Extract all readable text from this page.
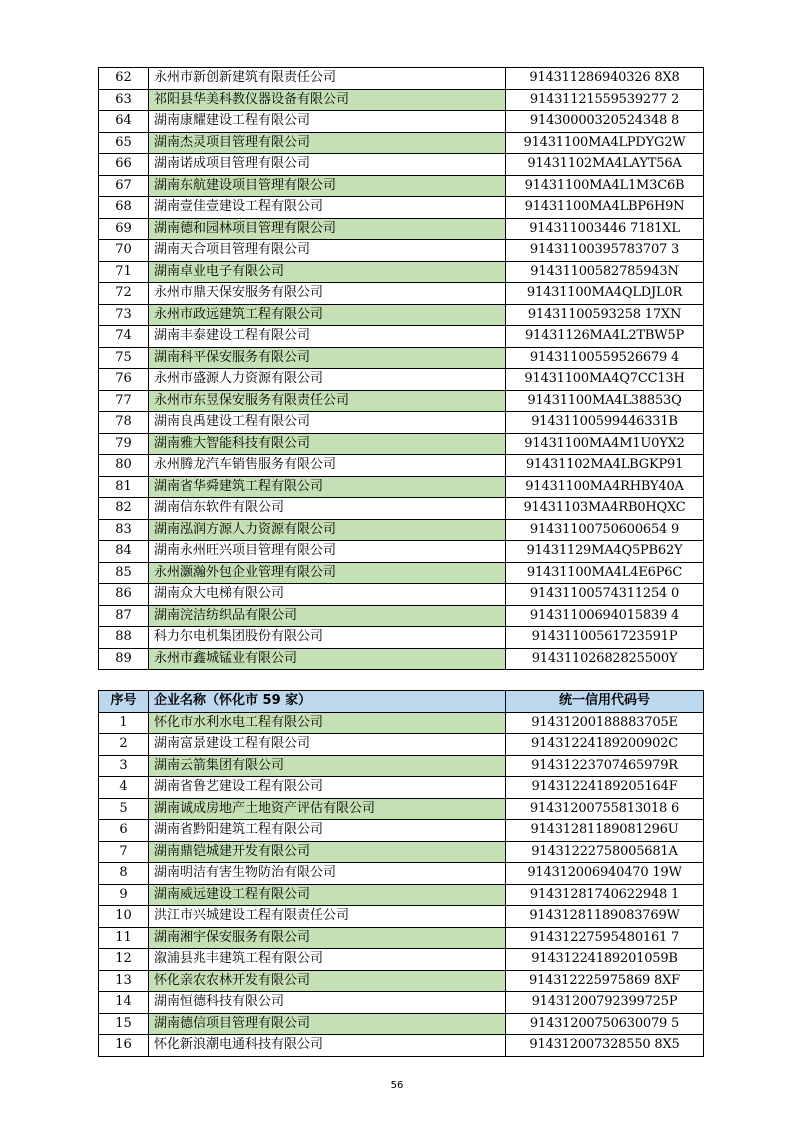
62	永州市新创新建筑有限责任公司	914311286940326 8X8
63	祁阳县华美科教仪器设备有限公司	91431121559539277 2
64	湖南康耀建设工程有限公司	91430000320524348 8
65	湖南杰灵项目管理有限公司	91431100MA4LPDYG2W
66	湖南诺成项目管理有限公司	91431102MA4LAYT56A
67	湖南东航建设项目管理有限公司	91431100MA4L1M3C6B
68	湖南壹佳壹建设工程有限公司	91431100MA4LBP6H9N
69	湖南德和园林项目管理有限公司	914311003446 7181XL
70	湖南天合项目管理有限公司	91431100395783707 3
71	湖南卓业电子有限公司	91431100582785943N
72	永州市鼎天保安服务有限公司	91431100MA4QLDJL0R
73	永州市政远建筑工程有限公司	91431100593258 17XN
74	湖南丰泰建设工程有限公司	91431126MA4L2TBW5P
75	湖南科平保安服务有限公司	91431100559526679 4
76	永州市盛源人力资源有限公司	91431100MA4Q7CC13H
77	永州市东昱保安服务有限责任公司	91431100MA4L38853Q
78	湖南良禹建设工程有限公司	91431100599446331B
79	湖南雅大智能科技有限公司	91431100MA4M1U0YX2
80	永州腾龙汽车销售服务有限公司	91431102MA4LBGKP91
81	湖南省华舜建筑工程有限公司	91431100MA4RHBY40A
82	湖南信东软件有限公司	91431103MA4RB0HQXC
83	湖南泓润方源人力资源有限公司	91431100750600654 9
84	湖南永州旺兴项目管理有限公司	91431129MA4Q5PB62Y
85	永州灏瀚外包企业管理有限公司	91431100MA4L4E6P6C
86	湖南众大电梯有限公司	91431100574311254 0
87	湖南浣洁纺织品有限公司	91431100694015839 4
88	科力尔电机集团股份有限公司	91431100561723591P
89	永州市鑫城锰业有限公司	91431102682825500Y
序号	企业名称（怀化市 59 家）	统一信用代码号
1	怀化市水利水电工程有限公司	91431200188883705E
2	湖南富景建设工程有限公司	91431224189200902C
3	湖南云箭集团有限公司	91431223707465979R
4	湖南省鲁艺建设工程有限公司	91431224189205164F
5	湖南诚成房地产土地资产评估有限公司	91431200755813018 6
6	湖南省黔阳建筑工程有限公司	91431281189081296U
7	湖南鼎铠城建开发有限公司	91431222758005681A
8	湖南明洁有害生物防治有限公司	914312006940470 19W
9	湖南威远建设工程有限公司	91431281740622948 1
10	洪江市兴城建设工程有限责任公司	91431281189083769W
11	湖南湘宇保安服务有限公司	91431227595480161 7
12	溆浦县兆丰建筑工程有限公司	91431224189201059B
13	怀化亲农农林开发有限公司	914312225975869 8XF
14	湖南恒德科技有限公司	91431200792399725P
15	湖南德信项目管理有限公司	91431200750630079 5
16	怀化新浪潮电通科技有限公司	914312007328550 8X5
56
